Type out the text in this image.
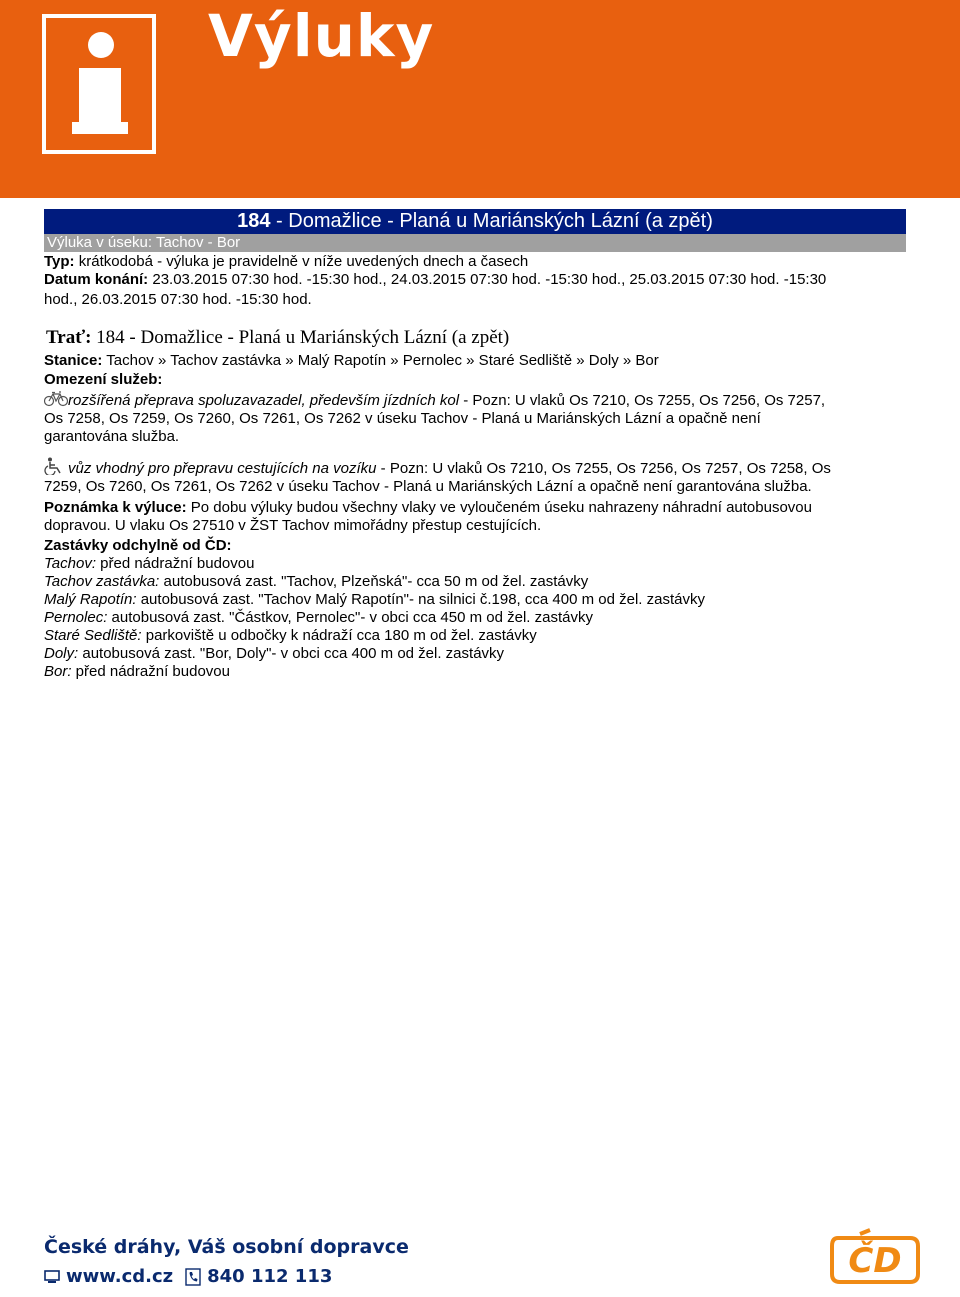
Výluky
184 - Domažlice - Planá u Mariánských Lázní (a zpět)
Výluka v úseku: Tachov - Bor
Typ: krátkodobá - výluka je pravidelně v níže uvedených dnech a časech
Datum konání: 23.03.2015 07:30 hod. -15:30 hod., 24.03.2015 07:30 hod. -15:30 hod., 25.03.2015 07:30 hod. -15:30
hod., 26.03.2015 07:30 hod. -15:30 hod.
Trať: 184 - Domažlice - Planá u Mariánských Lázní (a zpět)
Stanice: Tachov » Tachov zastávka » Malý Rapotín » Pernolec » Staré Sedliště » Doly » Bor
Omezení služeb:
rozšířená přeprava spoluzavazadel, především jízdních kol - Pozn: U vlaků Os 7210, Os 7255, Os 7256, Os 7257,
Os 7258, Os 7259, Os 7260, Os 7261, Os 7262 v úseku Tachov - Planá u Mariánských Lázní a opačně není
garantována služba.
vůz vhodný pro přepravu cestujících na vozíku - Pozn: U vlaků Os 7210, Os 7255, Os 7256, Os 7257, Os 7258, Os
7259, Os 7260, Os 7261, Os 7262 v úseku Tachov - Planá u Mariánských Lázní a opačně není garantována služba.
Poznámka k výluce: Po dobu výluky budou všechny vlaky ve vyloučeném úseku nahrazeny náhradní autobusovou
dopravou. U vlaku Os 27510 v ŽST Tachov mimořádny přestup cestujících.
Zastávky odchylně od ČD:
Tachov: před nádražní budovou
Tachov zastávka: autobusová zast. "Tachov, Plzeňská"- cca 50 m od žel. zastávky
Malý Rapotín: autobusová zast. "Tachov Malý Rapotín"- na silnici č.198, cca 400 m od žel. zastávky
Pernolec: autobusová zast. "Částkov, Pernolec"- v obci cca 450 m od žel. zastávky
Staré Sedliště: parkoviště u odbočky k nádraží cca 180 m od žel. zastávky
Doly: autobusová zast. "Bor, Doly"- v obci cca 400 m od žel. zastávky
Bor: před nádražní budovou
České dráhy, Váš osobní dopravce
www.cd.cz 840 112 113	ČD
